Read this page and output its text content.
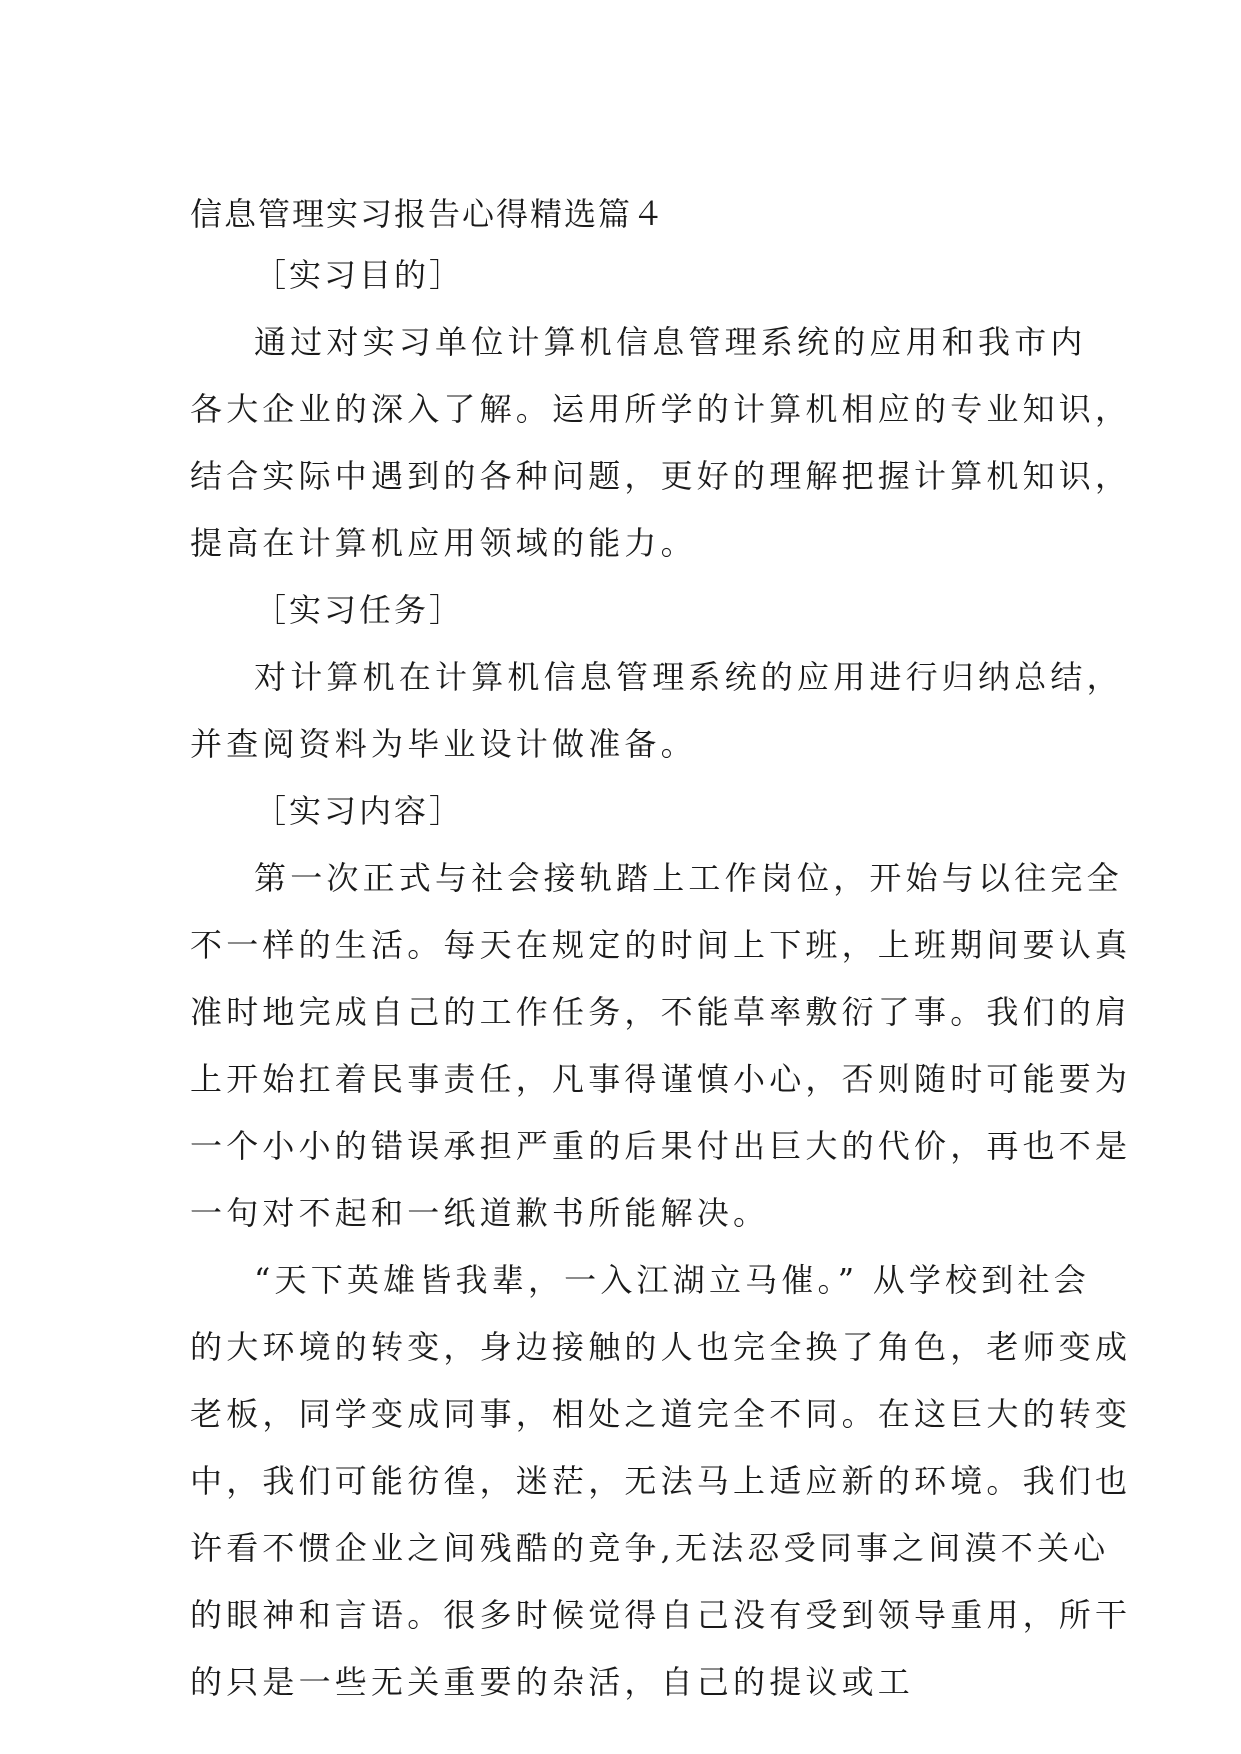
信息管理实习报告心得精选篇４
［实习目的］
通过对实习单位计算机信息管理系统的应用和我市内
各大企业的深入了解。运用所学的计算机相应的专业知识，
结合实际中遇到的各种问题，更好的理解把握计算机知识，
提高在计算机应用领域的能力。
［实习任务］
对计算机在计算机信息管理系统的应用进行归纳总结，
并查阅资料为毕业设计做准备。
［实习内容］
第一次正式与社会接轨踏上工作岗位，开始与以往完全
不一样的生活。每天在规定的时间上下班，上班期间要认真
准时地完成自己的工作任务，不能草率敷衍了事。我们的肩
上开始扛着民事责任，凡事得谨慎小心，否则随时可能要为
一个小小的错误承担严重的后果付出巨大的代价，再也不是
一句对不起和一纸道歉书所能解决。
“天下英雄皆我辈，一入江湖立马催。” 从学校到社会
的大环境的转变，身边接触的人也完全换了角色，老师变成
老板，同学变成同事，相处之道完全不同。在这巨大的转变
中，我们可能彷徨，迷茫，无法马上适应新的环境。我们也
许看不惯企业之间残酷的竞争,无法忍受同事之间漠不关心
的眼神和言语。很多时候觉得自己没有受到领导重用，所干
的只是一些无关重要的杂活，自己的提议或工
